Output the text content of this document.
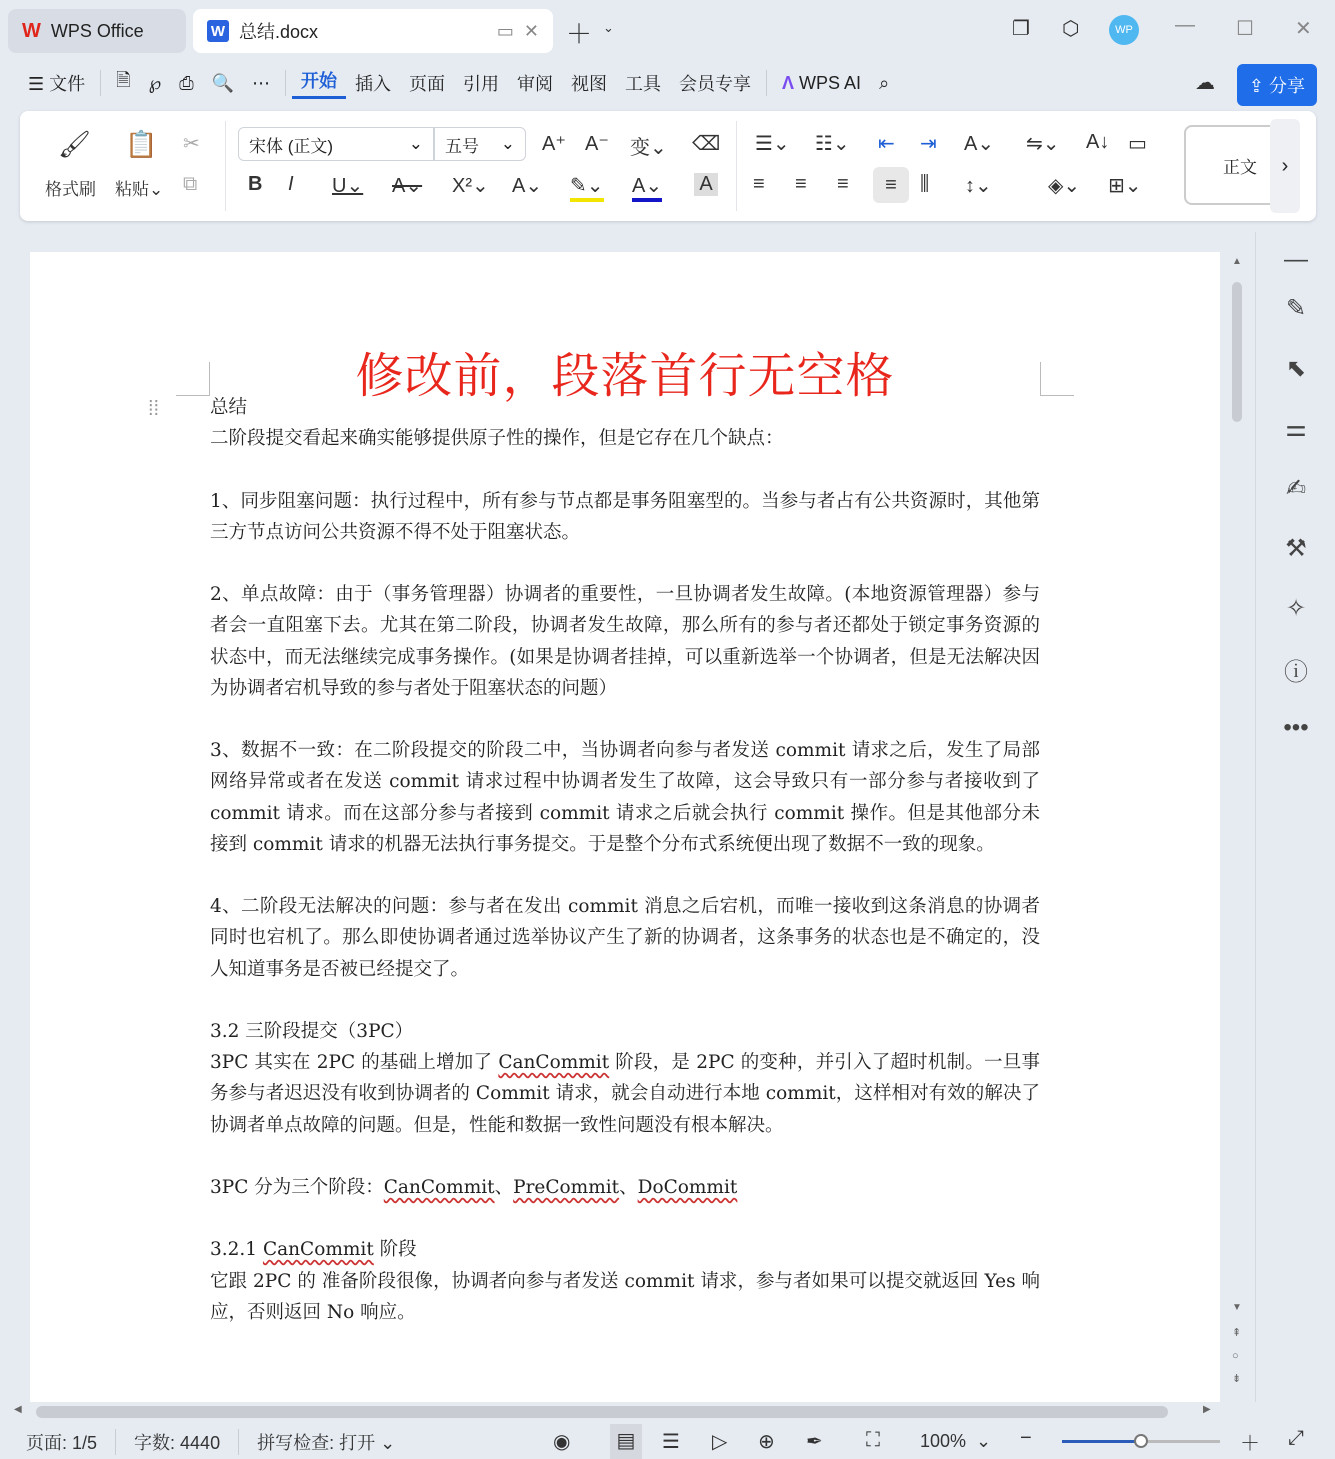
W WPS Office	W 总结.docx	▭ ✕ ＋ ⌄	❐ ⬡	WP	— ☐ ✕
☰ 文件	🗎	℘	⎙	🔍	⋯	开始	插入	页面	引用	审阅	视图	工具	会员专享	Λ WPS AI	⌕	☁	⇪ 分享
🖌
格式刷
📋
粘贴⌄
✂
⧉
宋体 (正文)	⌄	五号	⌄	A⁺ A⁻ 变⌄ ⌫
B I U⌄ A⌄ X²⌄ A⌄ ✎⌄ A⌄ A
☰⌄ ☷⌄ ⇤ ⇥ A⌄ ⇋⌄ A↓ ▭
≡ ≡ ≡	≡	⫼ ↕⌄	◈⌄ ⊞⌄
正文	›
修改前，段落首行无空格
⁞⁞	总结

二阶段提交看起来确实能够提供原子性的操作，但是它存在几个缺点：

1、同步阻塞问题：执行过程中，所有参与节点都是事务阻塞型的。当参与者占有公共资源时，其他第三方节点访问公共资源不得不处于阻塞状态。

2、单点故障：由于（事务管理器）协调者的重要性，一旦协调者发生故障。(本地资源管理器）参与者会一直阻塞下去。尤其在第二阶段，协调者发生故障，那么所有的参与者还都处于锁定事务资源的状态中，而无法继续完成事务操作。(如果是协调者挂掉，可以重新选举一个协调者，但是无法解决因为协调者宕机导致的参与者处于阻塞状态的问题）

3、数据不一致：在二阶段提交的阶段二中，当协调者向参与者发送 commit 请求之后，发生了局部网络异常或者在发送 commit 请求过程中协调者发生了故障，这会导致只有一部分参与者接收到了 commit 请求。而在这部分参与者接到 commit 请求之后就会执行 commit 操作。但是其他部分未接到 commit 请求的机器无法执行事务提交。于是整个分布式系统便出现了数据不一致的现象。

4、二阶段无法解决的问题：参与者在发出 commit 消息之后宕机，而唯一接收到这条消息的协调者同时也宕机了。那么即使协调者通过选举协议产生了新的协调者，这条事务的状态也是不确定的，没人知道事务是否被已经提交了。

3.2 三阶段提交（3PC）

3PC 其实在 2PC 的基础上增加了 CanCommit 阶段，是 2PC 的变种，并引入了超时机制。一旦事务参与者迟迟没有收到协调者的 Commit 请求，就会自动进行本地 commit，这样相对有效的解决了协调者单点故障的问题。但是，性能和数据一致性问题没有根本解决。

3PC 分为三个阶段：CanCommit、PreCommit、DoCommit

3.2.1 CanCommit 阶段

它跟 2PC 的 准备阶段很像，协调者向参与者发送 commit 请求，参与者如果可以提交就返回 Yes 响应，否则返回 No 响应。

▲
▼
⇞
○
⇟
—
✎
⬉
⚌
✍
⚒
✧
ⓘ
•••
◀	▶
页面: 1/5 字数: 4440 拼写检查: 打开 ⌄	◉	▤	☰ ▷ ⊕ ✒ ⛶ 100%  ⌄ −	＋ ⤢
